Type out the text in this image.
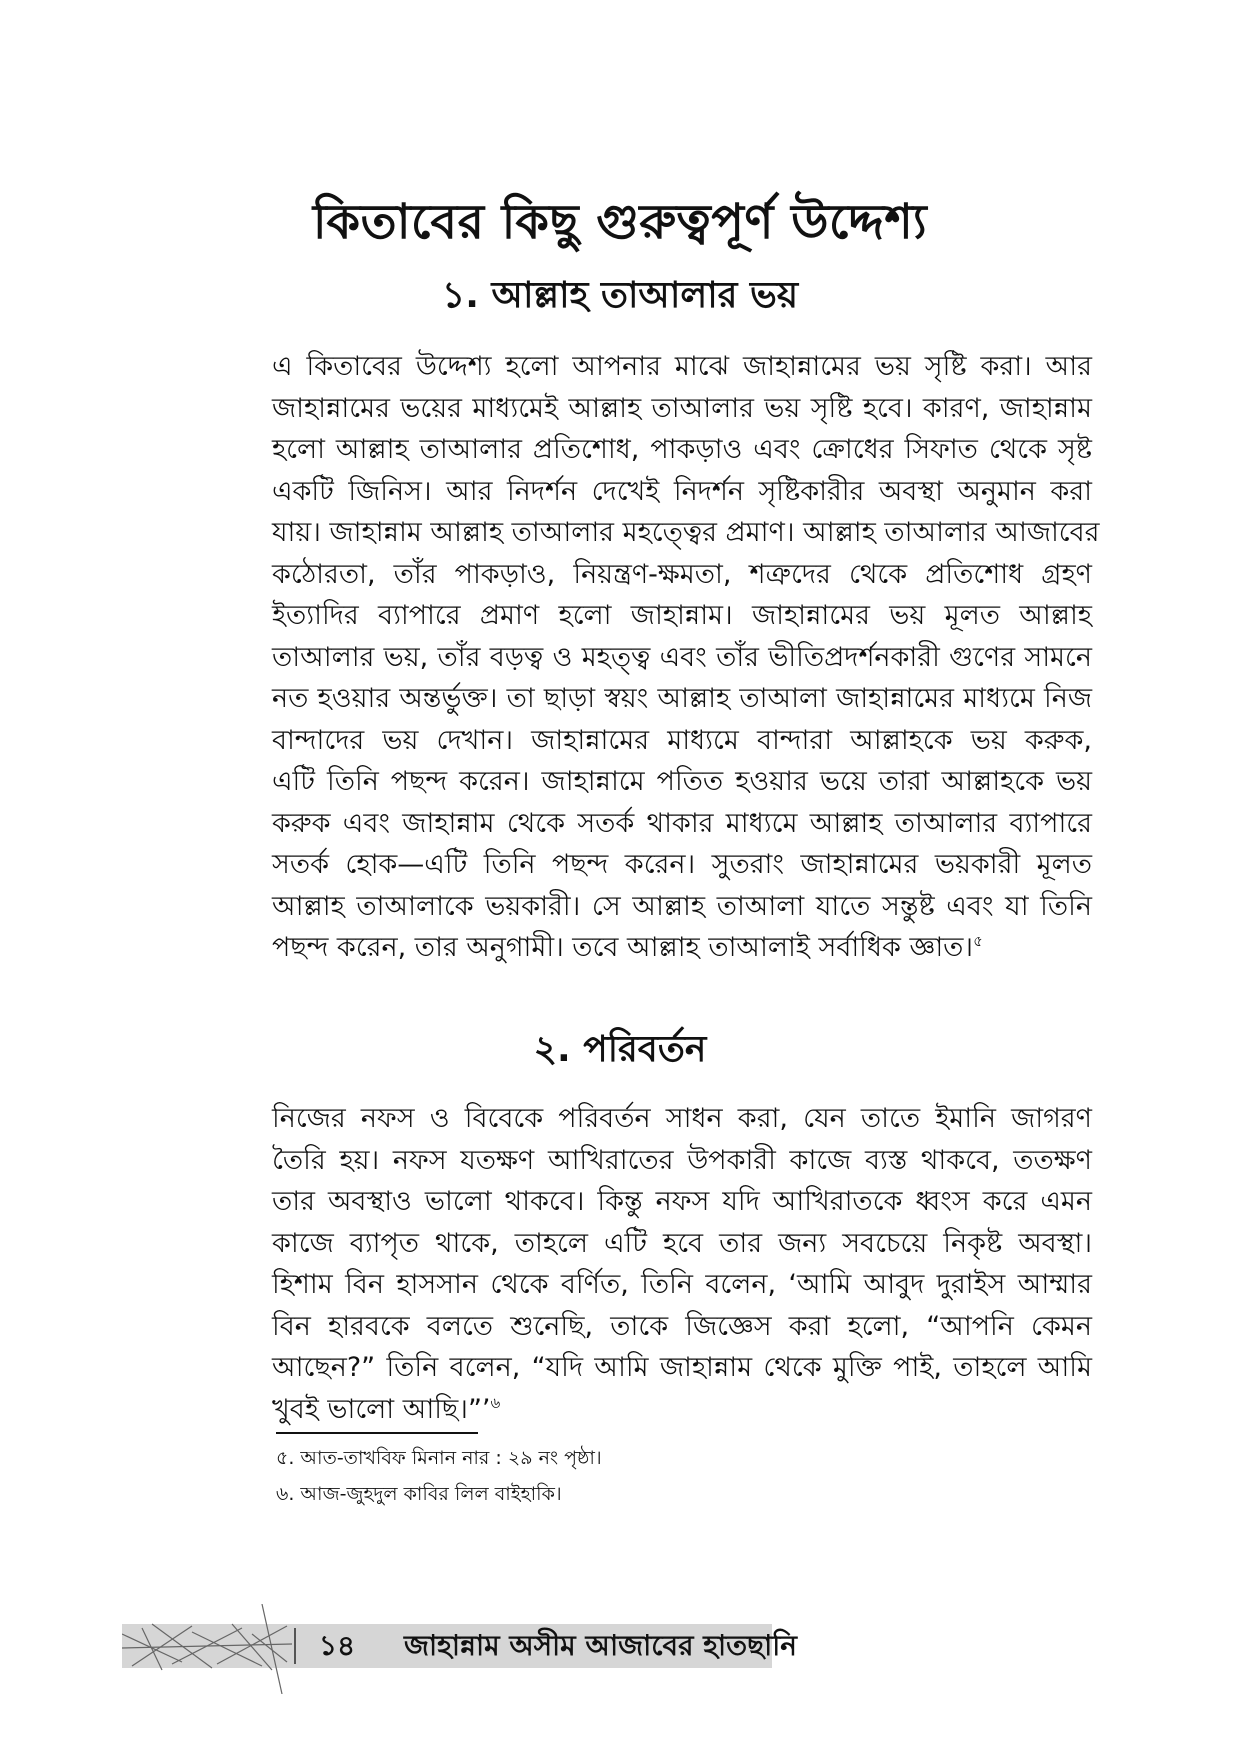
কিতাবের কিছু গুরুত্বপূর্ণ উদ্দেশ্য
১. আল্লাহ তাআলার ভয়
এ কিতাবের উদ্দেশ্য হলো আপনার মাঝে জাহান্নামের ভয় সৃষ্টি করা। আর
জাহান্নামের ভয়ের মাধ্যমেই আল্লাহ তাআলার ভয় সৃষ্টি হবে। কারণ, জাহান্নাম
হলো আল্লাহ তাআলার প্রতিশোধ, পাকড়াও এবং ক্রোধের সিফাত থেকে সৃষ্ট
একটি জিনিস। আর নিদর্শন দেখেই নিদর্শন সৃষ্টিকারীর অবস্থা অনুমান করা
যায়। জাহান্নাম আল্লাহ তাআলার মহত্ত্বের প্রমাণ। আল্লাহ তাআলার আজাবের
কঠোরতা, তাঁর পাকড়াও, নিয়ন্ত্রণ-ক্ষমতা, শত্রুদের থেকে প্রতিশোধ গ্রহণ
ইত্যাদির ব্যাপারে প্রমাণ হলো জাহান্নাম। জাহান্নামের ভয় মূলত আল্লাহ
তাআলার ভয়, তাঁর বড়ত্ব ও মহত্ত্ব এবং তাঁর ভীতিপ্রদর্শনকারী গুণের সামনে
নত হওয়ার অন্তর্ভুক্ত। তা ছাড়া স্বয়ং আল্লাহ তাআলা জাহান্নামের মাধ্যমে নিজ
বান্দাদের ভয় দেখান। জাহান্নামের মাধ্যমে বান্দারা আল্লাহকে ভয় করুক,
এটি তিনি পছন্দ করেন। জাহান্নামে পতিত হওয়ার ভয়ে তারা আল্লাহকে ভয়
করুক এবং জাহান্নাম থেকে সতর্ক থাকার মাধ্যমে আল্লাহ তাআলার ব্যাপারে
সতর্ক হোক—এটি তিনি পছন্দ করেন। সুতরাং জাহান্নামের ভয়কারী মূলত
আল্লাহ তাআলাকে ভয়কারী। সে আল্লাহ তাআলা যাতে সন্তুষ্ট এবং যা তিনি
পছন্দ করেন, তার অনুগামী। তবে আল্লাহ তাআলাই সর্বাধিক জ্ঞাত।$^৫$
২. পরিবর্তন
নিজের নফস ও বিবেকে পরিবর্তন সাধন করা, যেন তাতে ইমানি জাগরণ
তৈরি হয়। নফস যতক্ষণ আখিরাতের উপকারী কাজে ব্যস্ত থাকবে, ততক্ষণ
তার অবস্থাও ভালো থাকবে। কিন্তু নফস যদি আখিরাতকে ধ্বংস করে এমন
কাজে ব্যাপৃত থাকে, তাহলে এটি হবে তার জন্য সবচেয়ে নিকৃষ্ট অবস্থা।
হিশাম বিন হাসসান থেকে বর্ণিত, তিনি বলেন, ‘আমি আবুদ দুরাইস আম্মার
বিন হারবকে বলতে শুনেছি, তাকে জিজ্ঞেস করা হলো, “আপনি কেমন
আছেন?” তিনি বলেন, “যদি আমি জাহান্নাম থেকে মুক্তি পাই, তাহলে আমি
খুবই ভালো আছি।”’$^৬$
৫. আত-তাখবিফ মিনান নার : ২৯ নং পৃষ্ঠা।
৬. আজ-জুহদুল কাবির লিল বাইহাকি।
১৪	জাহান্নাম অসীম আজাবের হাতছানি
